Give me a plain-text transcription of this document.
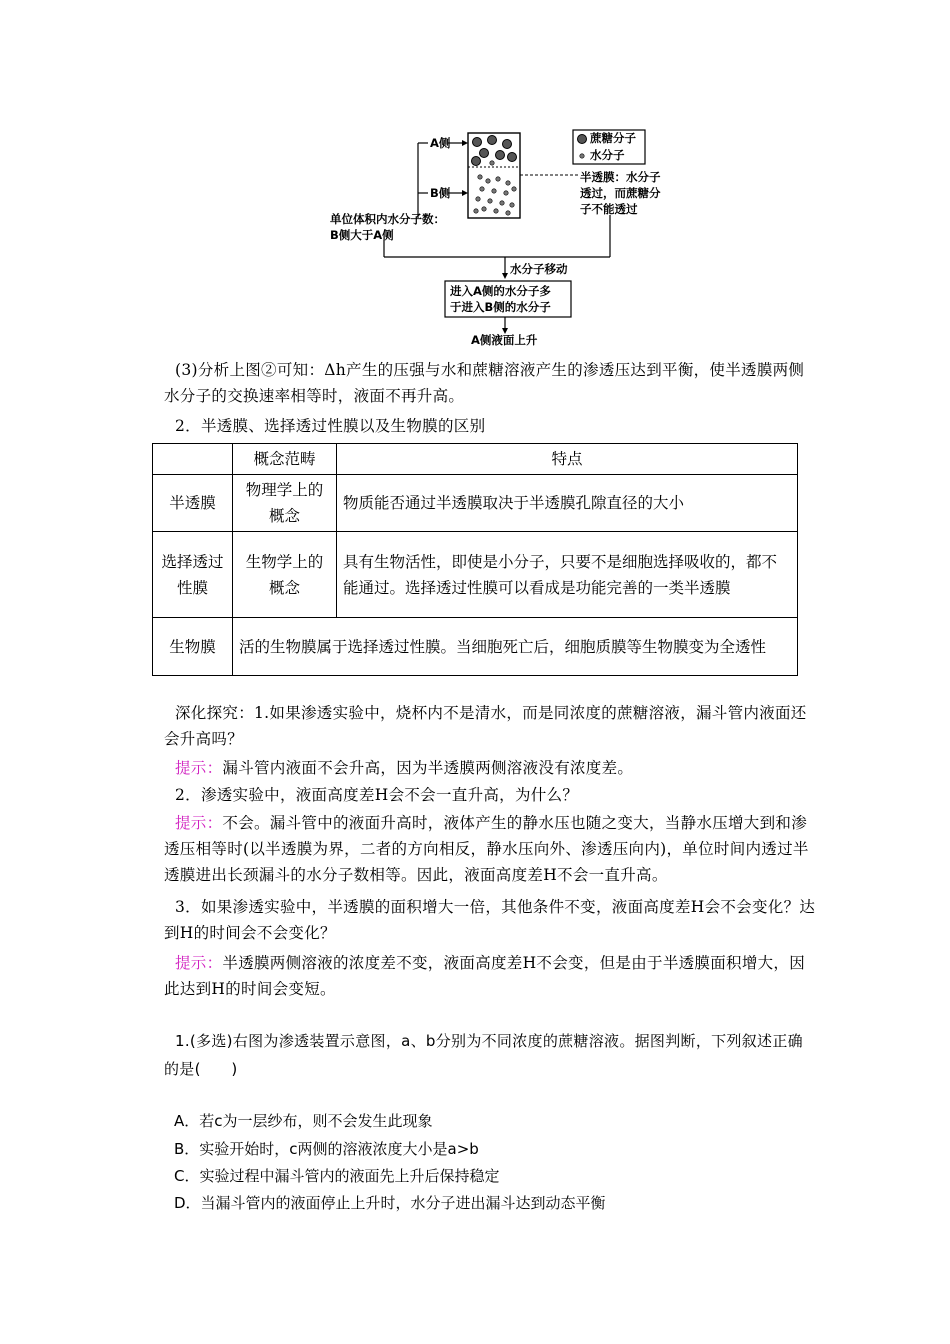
A侧
B侧
蔗糖分子
水分子
半透膜：水分子
透过，而蔗糖分
子不能透过
单位体积内水分子数：
B侧大于A侧
水分子移动
进入A侧的水分子多
于进入B侧的水分子
A侧液面上升
(3)分析上图②可知：Δh产生的压强与水和蔗糖溶液产生的渗透压达到平衡，使半透膜两侧水分子的交换速率相等时，液面不再升高。
2．半透膜、选择透过性膜以及生物膜的区别
	概念范畴	特点
半透膜	物理学上的概念	物质能否通过半透膜取决于半透膜孔隙直径的大小
选择透过性膜	生物学上的概念	具有生物活性，即使是小分子，只要不是细胞选择吸收的，都不能通过。选择透过性膜可以看成是功能完善的一类半透膜
生物膜	活的生物膜属于选择透过性膜。当细胞死亡后，细胞质膜等生物膜变为全透性	
深化探究：1.如果渗透实验中，烧杯内不是清水，而是同浓度的蔗糖溶液，漏斗管内液面还会升高吗？
提示：漏斗管内液面不会升高，因为半透膜两侧溶液没有浓度差。
2．渗透实验中，液面高度差H会不会一直升高，为什么？
提示：不会。漏斗管中的液面升高时，液体产生的静水压也随之变大，当静水压增大到和渗透压相等时(以半透膜为界，二者的方向相反，静水压向外、渗透压向内)，单位时间内透过半透膜进出长颈漏斗的水分子数相等。因此，液面高度差H不会一直升高。
3．如果渗透实验中，半透膜的面积增大一倍，其他条件不变，液面高度差H会不会变化？达到H的时间会不会变化？
提示：半透膜两侧溶液的浓度差不变，液面高度差H不会变，但是由于半透膜面积增大，因此达到H的时间会变短。
1.(多选)右图为渗透装置示意图，a、b分别为不同浓度的蔗糖溶液。据图判断，下列叙述正确的是(　　)
A．若c为一层纱布，则不会发生此现象
B．实验开始时，c两侧的溶液浓度大小是a>b
C．实验过程中漏斗管内的液面先上升后保持稳定
D．当漏斗管内的液面停止上升时，水分子进出漏斗达到动态平衡
